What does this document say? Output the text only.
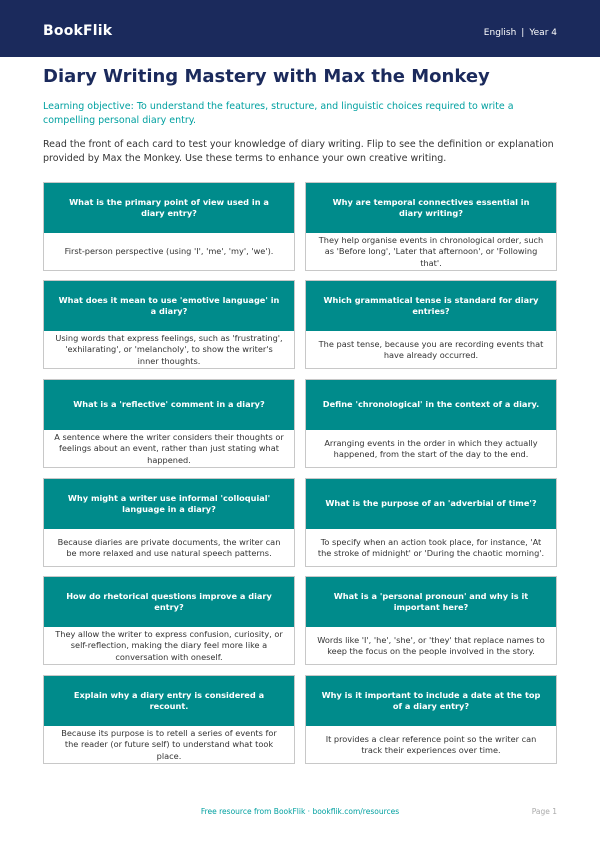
BookFlik	English | Year 4
Diary Writing Mastery with Max the Monkey
Learning objective: To understand the features, structure, and linguistic choices required to write a compelling personal diary entry.
Read the front of each card to test your knowledge of diary writing. Flip to see the definition or explanation provided by Max the Monkey. Use these terms to enhance your own creative writing.
What is the primary point of view used in a diary entry?
First-person perspective (using 'I', 'me', 'my', 'we').
Why are temporal connectives essential in diary writing?
They help organise events in chronological order, such as 'Before long', 'Later that afternoon', or 'Following that'.
What does it mean to use 'emotive language' in a diary?
Using words that express feelings, such as 'frustrating', 'exhilarating', or 'melancholy', to show the writer's inner thoughts.
Which grammatical tense is standard for diary entries?
The past tense, because you are recording events that have already occurred.
What is a 'reflective' comment in a diary?
A sentence where the writer considers their thoughts or feelings about an event, rather than just stating what happened.
Define 'chronological' in the context of a diary.
Arranging events in the order in which they actually happened, from the start of the day to the end.
Why might a writer use informal 'colloquial' language in a diary?
Because diaries are private documents, the writer can be more relaxed and use natural speech patterns.
What is the purpose of an 'adverbial of time'?
To specify when an action took place, for instance, 'At the stroke of midnight' or 'During the chaotic morning'.
How do rhetorical questions improve a diary entry?
They allow the writer to express confusion, curiosity, or self-reflection, making the diary feel more like a conversation with oneself.
What is a 'personal pronoun' and why is it important here?
Words like 'I', 'he', 'she', or 'they' that replace names to keep the focus on the people involved in the story.
Explain why a diary entry is considered a recount.
Because its purpose is to retell a series of events for the reader (or future self) to understand what took place.
Why is it important to include a date at the top of a diary entry?
It provides a clear reference point so the writer can track their experiences over time.
Free resource from BookFlik · bookflik.com/resources	Page 1
